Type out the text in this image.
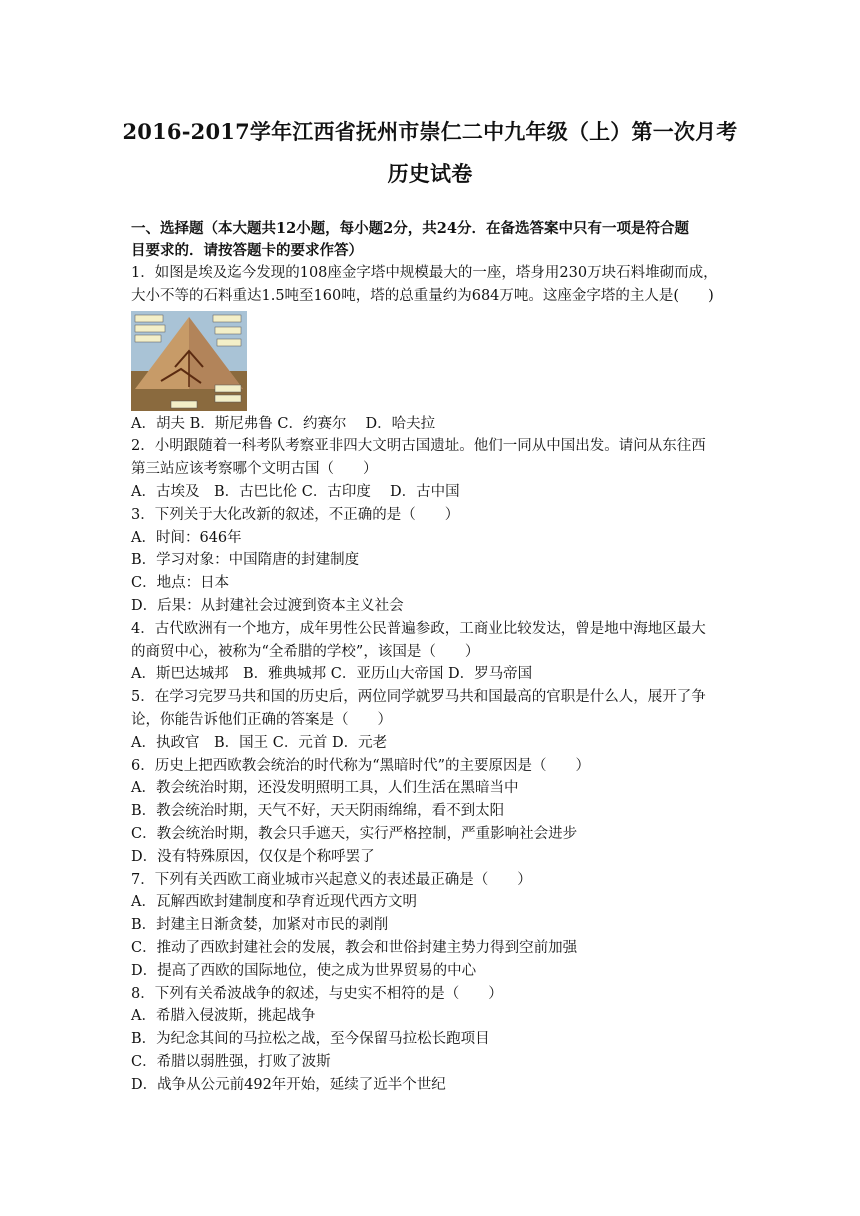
2016-2017学年江西省抚州市崇仁二中九年级（上）第一次月考
历史试卷
一、选择题（本大题共12小题，每小题2分，共24分．在备选答案中只有一项是符合题
目要求的．请按答题卡的要求作答）
1．如图是埃及迄今发现的108座金字塔中规模最大的一座，塔身用230万块石料堆砌而成，
大小不等的石料重达1.5吨至160吨，塔的总重量约为684万吨。这座金字塔的主人是(　　)
A．胡夫 B．斯尼弗鲁 C．约赛尔　 D．哈夫拉
2．小明跟随着一科考队考察亚非四大文明古国遗址。他们一同从中国出发。请问从东往西
第三站应该考察哪个文明古国（　　）
A．古埃及　B．古巴比伦 C．古印度　 D．古中国
3．下列关于大化改新的叙述，不正确的是（　　）
A．时间：646年
B．学习对象：中国隋唐的封建制度
C．地点：日本
D．后果：从封建社会过渡到资本主义社会
4．古代欧洲有一个地方，成年男性公民普遍参政，工商业比较发达，曾是地中海地区最大
的商贸中心，被称为“全希腊的学校”，该国是（　　）
A．斯巴达城邦　B．雅典城邦 C．亚历山大帝国 D．罗马帝国
5．在学习完罗马共和国的历史后，两位同学就罗马共和国最高的官职是什么人，展开了争
论，你能告诉他们正确的答案是（　　）
A．执政官　B．国王 C．元首 D．元老
6．历史上把西欧教会统治的时代称为“黑暗时代”的主要原因是（　　）
A．教会统治时期，还没发明照明工具，人们生活在黑暗当中
B．教会统治时期，天气不好，天天阴雨绵绵，看不到太阳
C．教会统治时期，教会只手遮天，实行严格控制，严重影响社会进步
D．没有特殊原因，仅仅是个称呼罢了
7．下列有关西欧工商业城市兴起意义的表述最正确是（　　）
A．瓦解西欧封建制度和孕育近现代西方文明
B．封建主日渐贪婪，加紧对市民的剥削
C．推动了西欧封建社会的发展，教会和世俗封建主势力得到空前加强
D．提高了西欧的国际地位，使之成为世界贸易的中心
8．下列有关希波战争的叙述，与史实不相符的是（　　）
A．希腊入侵波斯，挑起战争
B．为纪念其间的马拉松之战，至今保留马拉松长跑项目
C．希腊以弱胜强，打败了波斯
D．战争从公元前492年开始，延续了近半个世纪
